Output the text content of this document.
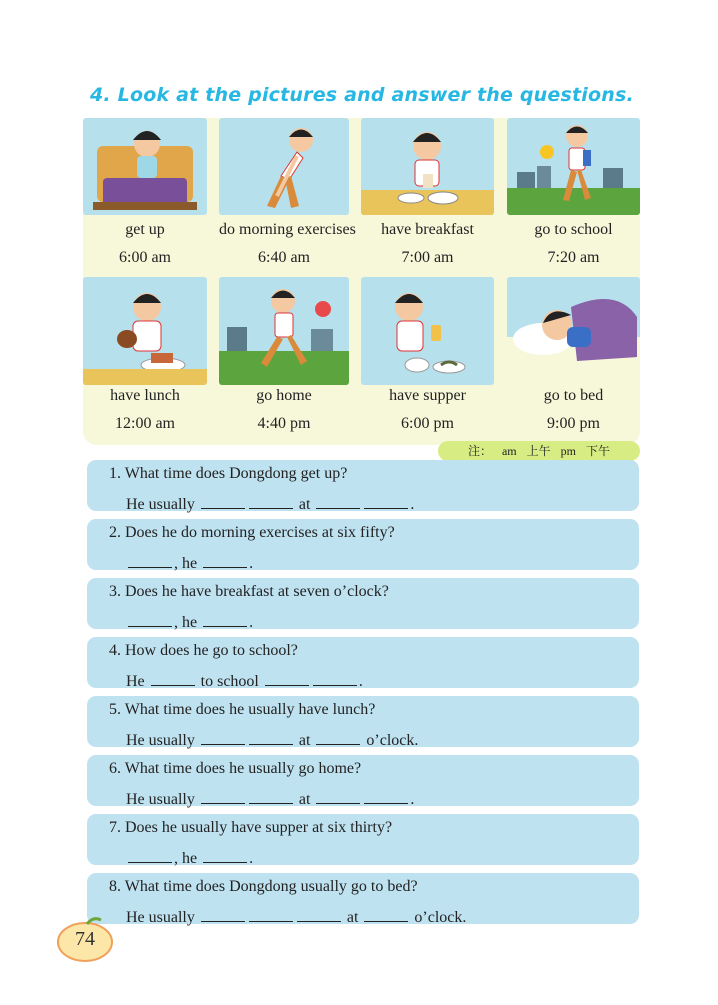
4. Look at the pictures and answer the questions.
get up
6:00 am
do morning exercises
6:40 am
have breakfast
7:00 am
go to school
7:20 am
have lunch
12:00 am
go home
4:40 pm
have supper
6:00 pm
go to bed
9:00 pm
注： am 上午 pm 下午
1. What time does Dongdong get up?
He usually	at	.
2. Does he do morning exercises at six fifty?
, he	.
3. Does he have breakfast at seven o’clock?
, he	.
4. How does he go to school?
He	to school	.
5. What time does he usually have lunch?
He usually	at	o’clock.
6. What time does he usually go home?
He usually	at	.
7. Does he usually have supper at six thirty?
, he	.
8. What time does Dongdong usually go to bed?
He usually	at	o’clock.
74
